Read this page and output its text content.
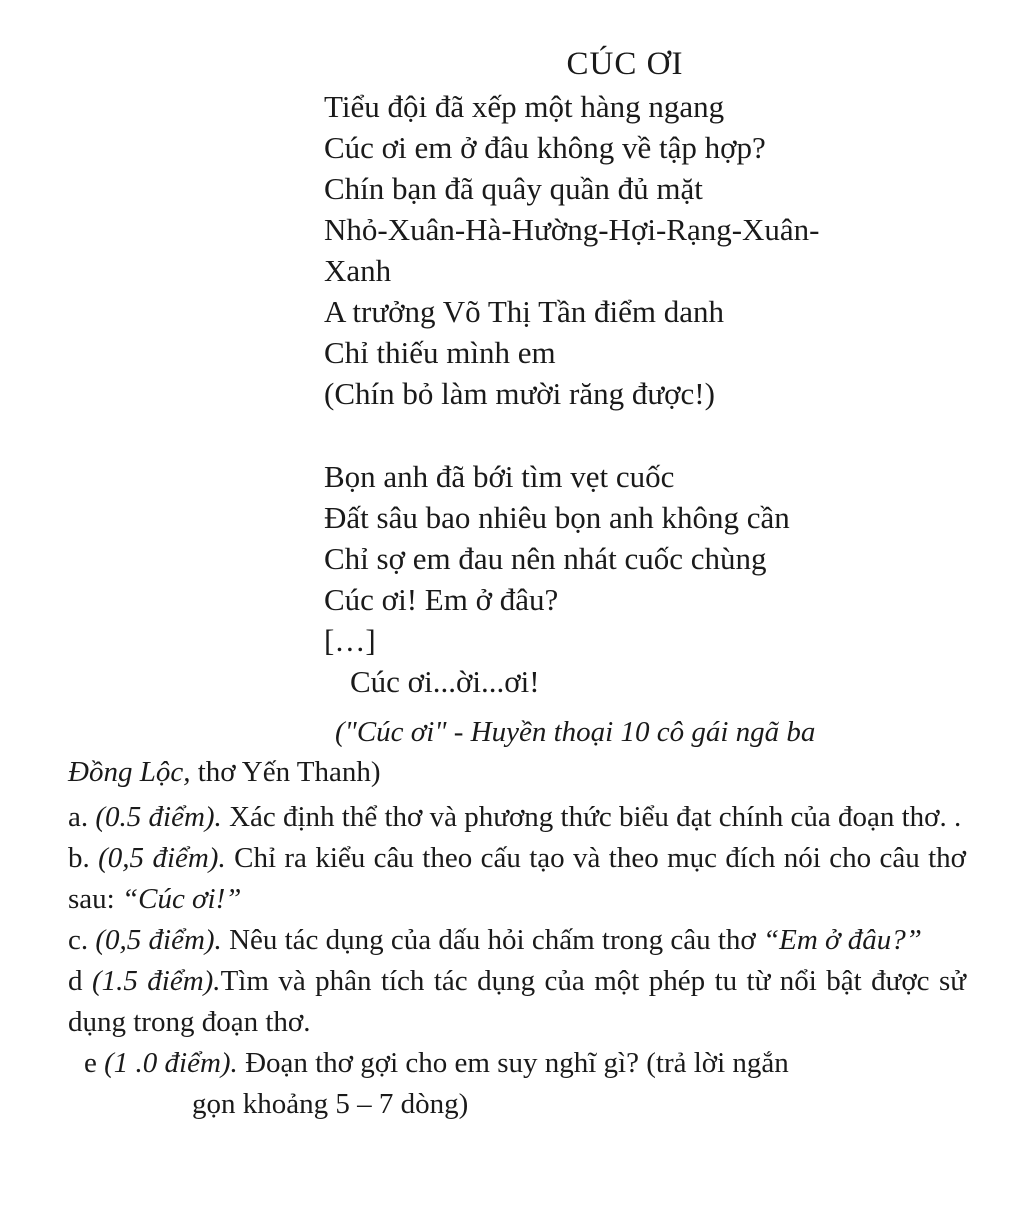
CÚC ƠI
Tiểu đội đã xếp một hàng ngang
Cúc ơi em ở đâu không về tập hợp?
Chín bạn đã quây quần đủ mặt
Nhỏ-Xuân-Hà-Hường-Hợi-Rạng-Xuân-
Xanh
A trưởng Võ Thị Tần điểm danh
Chỉ thiếu mình em
(Chín bỏ làm mười răng được!)
Bọn anh đã bới tìm vẹt cuốc
Đất sâu bao nhiêu bọn anh không cần
Chỉ sợ em đau nên nhát cuốc chùng
Cúc ơi! Em ở đâu?
[…]
Cúc ơi...ời...ơi!
("Cúc ơi" - Huyền thoại 10 cô gái ngã ba
Đồng Lộc, thơ Yến Thanh)
a. (0.5 điểm). Xác định thể thơ và phương thức biểu đạt chính của đoạn thơ. .
b. (0,5 điểm). Chỉ ra kiểu câu theo cấu tạo và theo mục đích nói cho câu thơ sau: “Cúc ơi!”
c. (0,5 điểm). Nêu tác dụng của dấu hỏi chấm trong câu thơ “Em ở đâu?”
d (1.5 điểm).Tìm và phân tích tác dụng của một phép tu từ nổi bật được sử dụng trong đoạn thơ.
e (1 .0 điểm). Đoạn thơ gợi cho em suy nghĩ gì? (trả lời ngắn
gọn khoảng 5 – 7 dòng)
